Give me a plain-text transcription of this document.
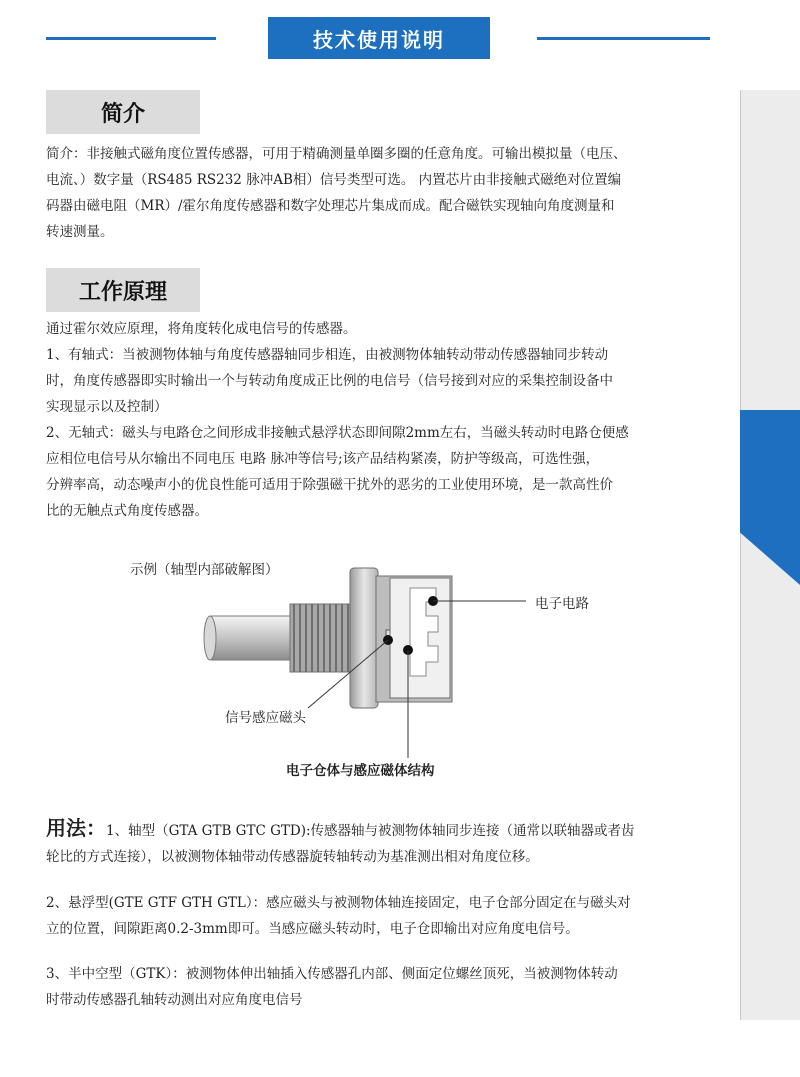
技术使用说明
简介

简介：非接触式磁角度位置传感器，可用于精确测量单圈多圈的任意角度。可输出模拟量（电压、

电流、）数字量（RS485 RS232 脉冲AB相）信号类型可选。 内置芯片由非接触式磁绝对位置编

码器由磁电阻（MR）/霍尔角度传感器和数字处理芯片集成而成。配合磁铁实现轴向角度测量和

转速测量。

工作原理

通过霍尔效应原理，将角度转化成电信号的传感器。

1、有轴式：当被测物体轴与角度传感器轴同步相连，由被测物体轴转动带动传感器轴同步转动

时，角度传感器即实时输出一个与转动角度成正比例的电信号（信号接到对应的采集控制设备中

实现显示以及控制）

2、无轴式：磁头与电路仓之间形成非接触式悬浮状态即间隙2mm左右，当磁头转动时电路仓便感

应相位电信号从尔输出不同电压 电路 脉冲等信号;该产品结构紧凑，防护等级高，可选性强，

分辨率高，动态噪声小的优良性能可适用于除强磁干扰外的恶劣的工业使用环境，是一款高性价

比的无触点式角度传感器。

示例（轴型内部破解图）
电子电路
信号感应磁头
电子仓体与感应磁体结构

用法：1、轴型（GTA GTB GTC GTD):传感器轴与被测物体轴同步连接（通常以联轴器或者齿

轮比的方式连接），以被测物体轴带动传感器旋转轴转动为基准测出相对角度位移。

2、悬浮型(GTE GTF GTH GTL）：感应磁头与被测物体轴连接固定，电子仓部分固定在与磁头对

立的位置，间隙距离0.2-3mm即可。当感应磁头转动时，电子仓即输出对应角度电信号。

3、半中空型（GTK）：被测物体伸出轴插入传感器孔内部、侧面定位螺丝顶死，当被测物体转动

时带动传感器孔轴转动测出对应角度电信号
